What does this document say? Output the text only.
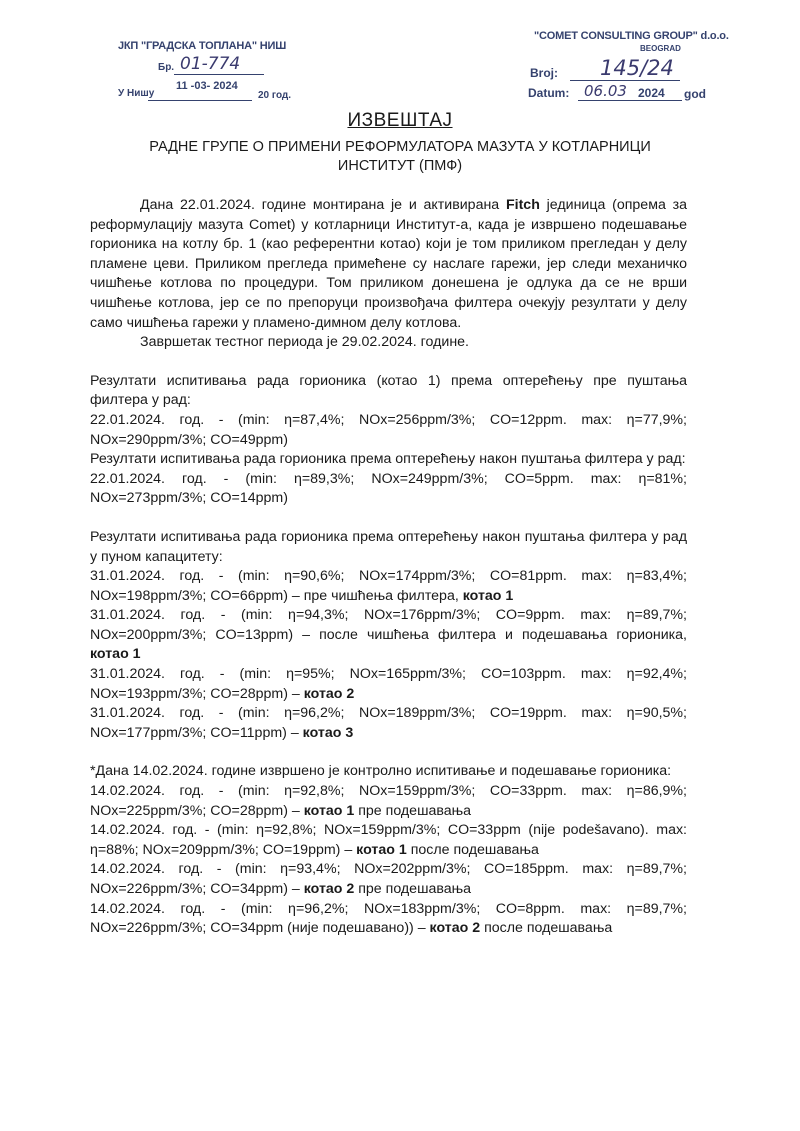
ЈКП "ГРАДСКА ТОПЛАНА" НИШ
Бр. 01-774
У Нишу
11 -03- 2024
20 год.
"COMET CONSULTING GROUP" d.o.o.
BEOGRAD
Broj: 145/24
Datum: 06.03 2024 god
ИЗВЕШТАЈ
РАДНЕ ГРУПЕ О ПРИМЕНИ РЕФОРМУЛАТОРА МАЗУТА У КОТЛАРНИЦИ ИНСТИТУТ (ПМФ)

Дана 22.01.2024. године монтирана је и активирана Fitch јединица (опрема за реформулацију мазута Comet) у котларници Институт-а, када је извршено подешавање горионика на котлу бр. 1 (као референтни котао) који је том приликом прегледан у делу пламене цеви. Приликом прегледа примећене су наслаге гарежи, јер следи механичко чишћење котлова по процедури. Том приликом донешена је одлука да се не врши чишћење котлова, јер се по препоруци произвођача филтера очекују резултати у делу само чишћења гарежи у пламено-димном делу котлова.

Завршетак тестног периода је 29.02.2024. године.

Резултати испитивања рада горионика (котао 1) према оптерећењу пре пуштања филтера у рад:

22.01.2024. год. - (min: η=87,4%; NOx=256ppm/3%; CO=12ppm. max: η=77,9%; NOx=290ppm/3%; CO=49ppm)

Резултати испитивања рада горионика према оптерећењу након пуштања филтера у рад:

22.01.2024. год. - (min: η=89,3%; NOx=249ppm/3%; CO=5ppm. max: η=81%; NOx=273ppm/3%; CO=14ppm)

Резултати испитивања рада горионика према оптерећењу након пуштања филтера у рад у пуном капацитету:

31.01.2024. год. - (min: η=90,6%; NOx=174ppm/3%; CO=81ppm. max: η=83,4%; NOx=198ppm/3%; CO=66ppm) – пре чишћења филтера, котао 1

31.01.2024. год. - (min: η=94,3%; NOx=176ppm/3%; CO=9ppm. max: η=89,7%; NOx=200ppm/3%; CO=13ppm) – после чишћења филтера и подешавања горионика, котао 1

31.01.2024. год. - (min: η=95%; NOx=165ppm/3%; CO=103ppm. max: η=92,4%; NOx=193ppm/3%; CO=28ppm) – котао 2

31.01.2024. год. - (min: η=96,2%; NOx=189ppm/3%; CO=19ppm. max: η=90,5%; NOx=177ppm/3%; CO=11ppm) – котао 3

*Дана 14.02.2024. године извршено је контролно испитивање и подешавање горионика:

14.02.2024. год. - (min: η=92,8%; NOx=159ppm/3%; CO=33ppm. max: η=86,9%; NOx=225ppm/3%; CO=28ppm) – котао 1 пре подешавања

14.02.2024. год. - (min: η=92,8%; NOx=159ppm/3%; CO=33ppm (nije podešavano). max: η=88%; NOx=209ppm/3%; CO=19ppm) – котао 1 после подешавања

14.02.2024. год. - (min: η=93,4%; NOx=202ppm/3%; CO=185ppm. max: η=89,7%; NOx=226ppm/3%; CO=34ppm) – котао 2 пре подешавања

14.02.2024. год. - (min: η=96,2%; NOx=183ppm/3%; CO=8ppm. max: η=89,7%; NOx=226ppm/3%; CO=34ppm (није подешавано)) – котао 2 после подешавања
